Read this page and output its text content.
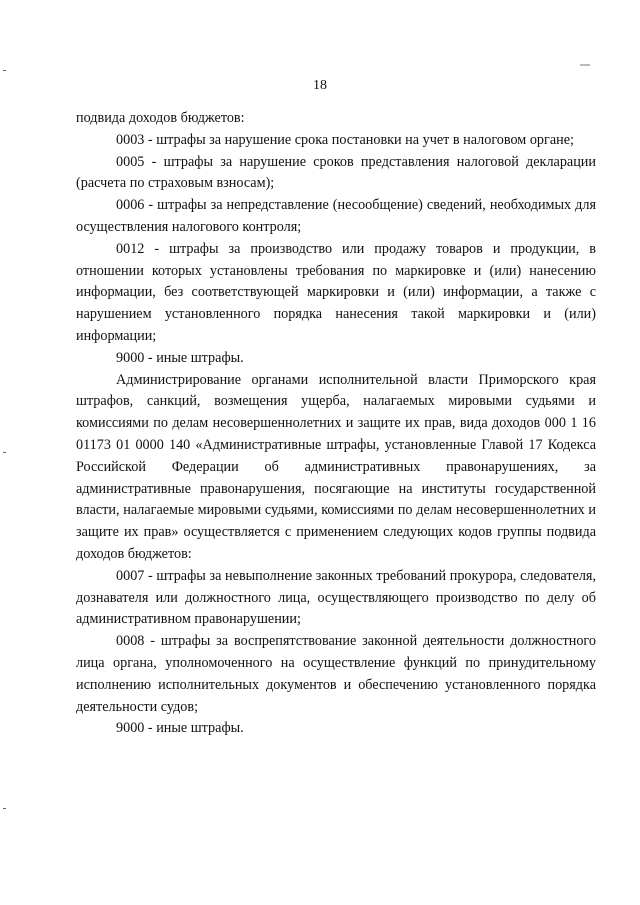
18

подвида доходов бюджетов:

0003 - штрафы за нарушение срока постановки на учет в налоговом органе;

0005 - штрафы за нарушение сроков представления налоговой декларации (расчета по страховым взносам);

0006 - штрафы за непредставление (несообщение) сведений, необходимых для осуществления налогового контроля;

0012 - штрафы за производство или продажу товаров и продукции, в отношении которых установлены требования по маркировке и (или) нанесению информации, без соответствующей маркировки и (или) информации, а также с нарушением установленного порядка нанесения такой маркировки и (или) информации;

9000 - иные штрафы.

Администрирование органами исполнительной власти Приморского края штрафов, санкций, возмещения ущерба, налагаемых мировыми судьями и комиссиями по делам несовершеннолетних и защите их прав, вида доходов 000 1 16 01173 01 0000 140 «Административные штрафы, установленные Главой 17 Кодекса Российской Федерации об административных правонарушениях, за административные правонарушения, посягающие на институты государственной власти, налагаемые мировыми судьями, комиссиями по делам несовершеннолетних и защите их прав» осуществляется с применением следующих кодов группы подвида доходов бюджетов:

0007 - штрафы за невыполнение законных требований прокурора, следователя, дознавателя или должностного лица, осуществляющего производство по делу об административном правонарушении;

0008 - штрафы за воспрепятствование законной деятельности должностного лица органа, уполномоченного на осуществление функций по принудительному исполнению исполнительных документов и обеспечению установленного порядка деятельности судов;

9000 - иные штрафы.
